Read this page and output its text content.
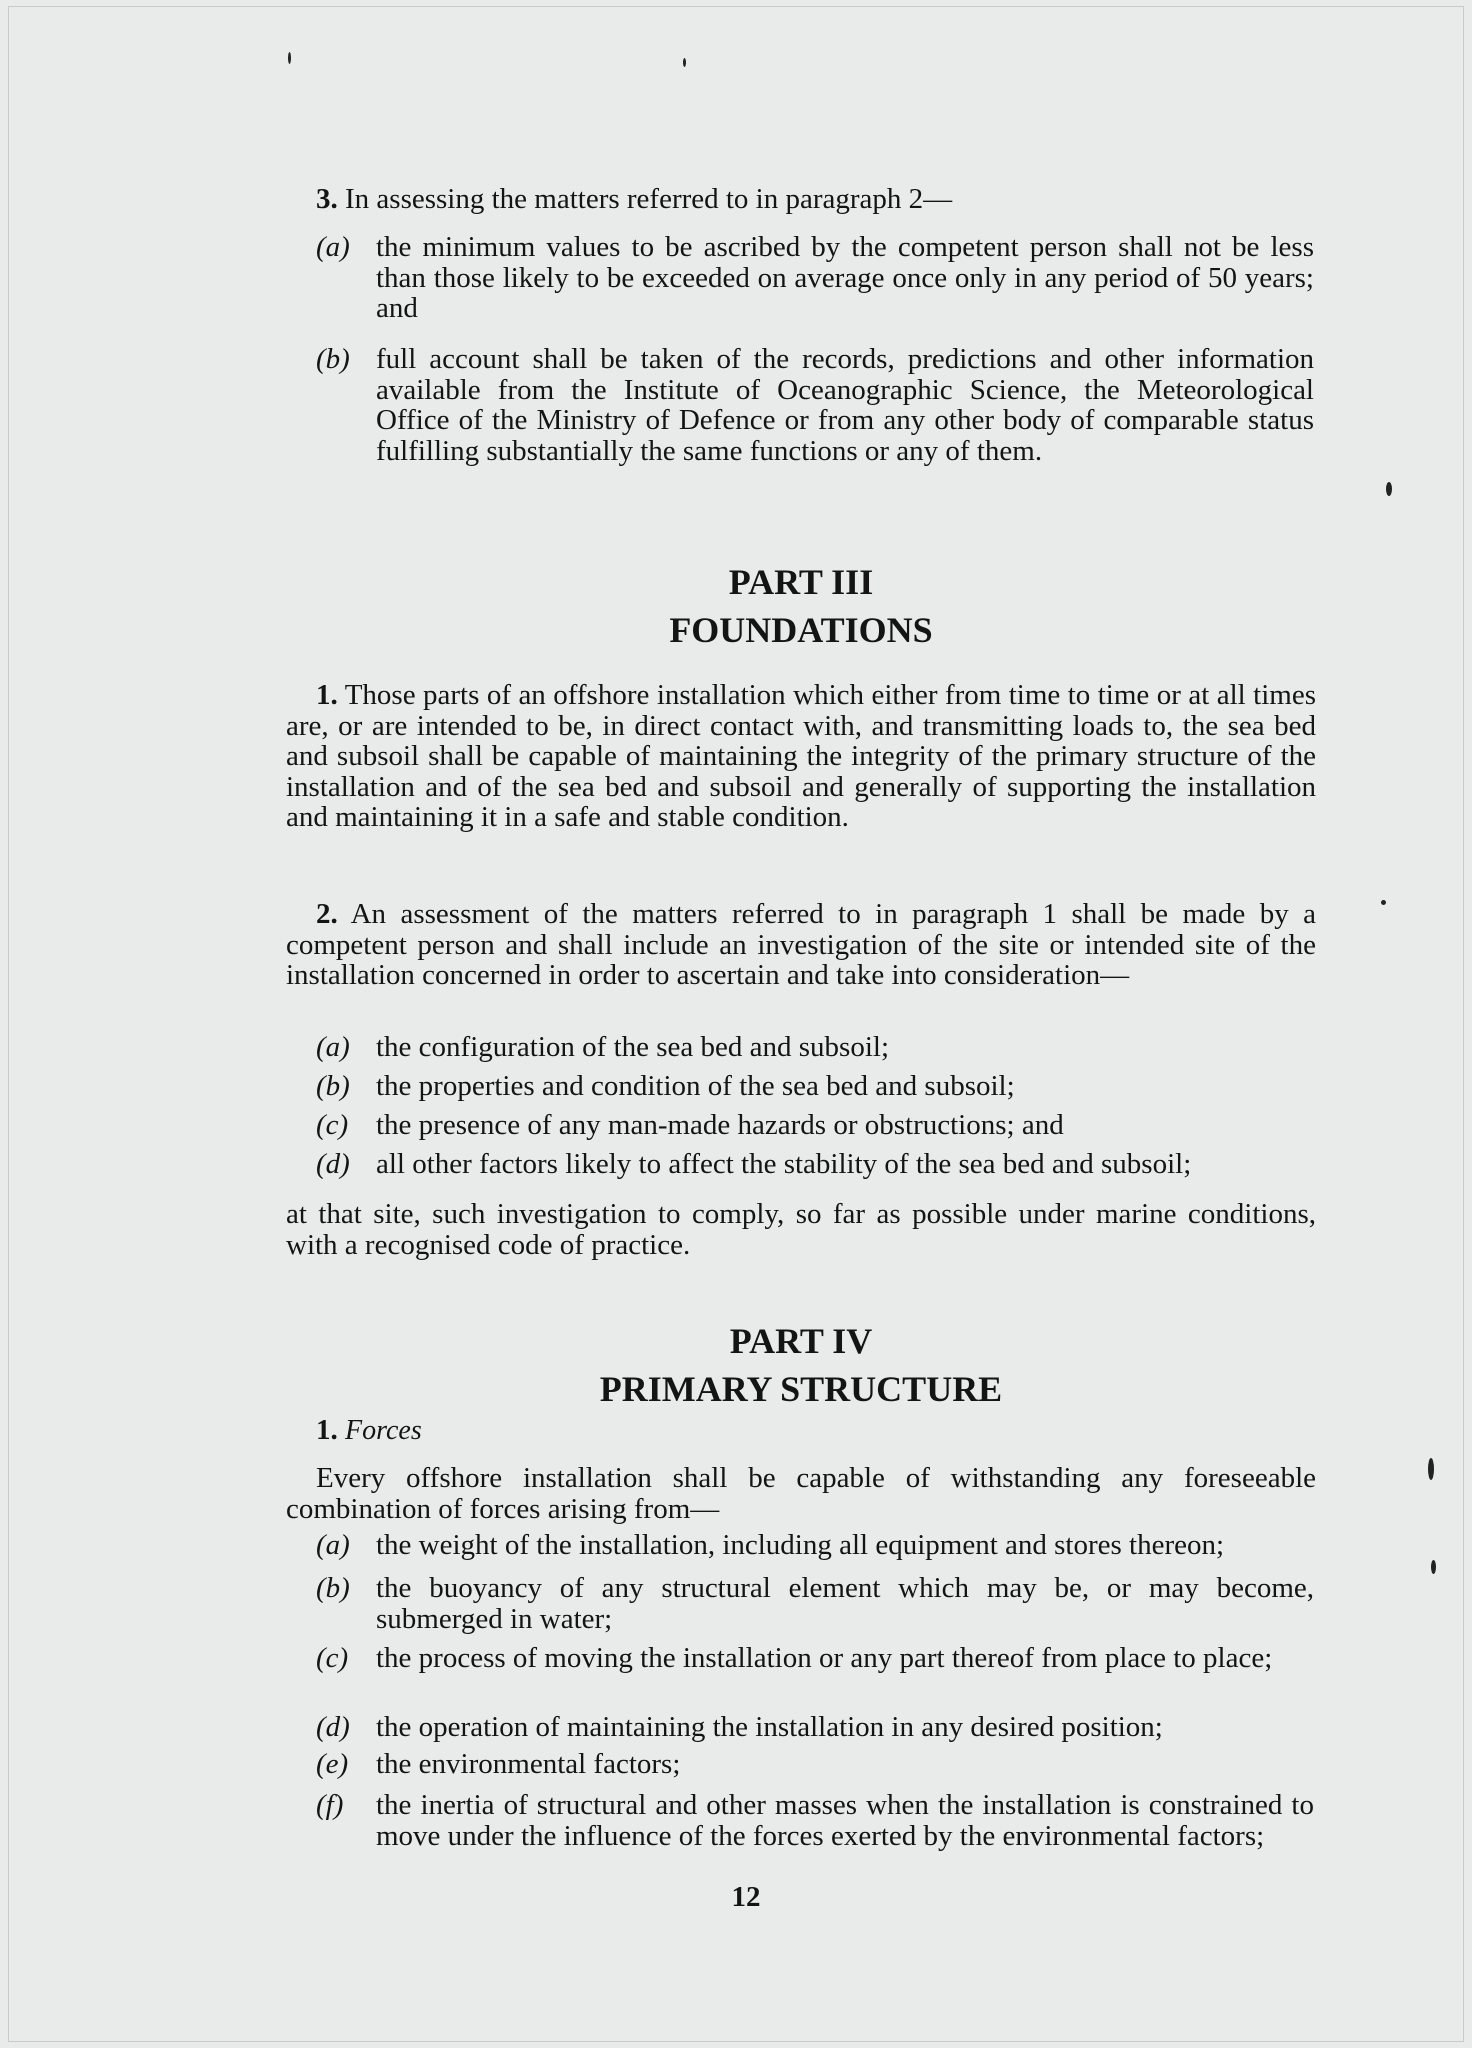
3. In assessing the matters referred to in paragraph 2—

(a) the minimum values to be ascribed by the competent person shall not be less than those likely to be exceeded on average once only in any period of 50 years; and

(b) full account shall be taken of the records, predictions and other information available from the Institute of Oceanographic Science, the Meteorological Office of the Ministry of Defence or from any other body of comparable status fulfilling substantially the same functions or any of them.

PART III
FOUNDATIONS

1. Those parts of an offshore installation which either from time to time or at all times are, or are intended to be, in direct contact with, and transmitting loads to, the sea bed and subsoil shall be capable of maintaining the integrity of the primary structure of the installation and of the sea bed and subsoil and generally of supporting the installation and maintaining it in a safe and stable condition.

2. An assessment of the matters referred to in paragraph 1 shall be made by a competent person and shall include an investigation of the site or intended site of the installation concerned in order to ascertain and take into consideration—

(a) the configuration of the sea bed and subsoil;

(b) the properties and condition of the sea bed and subsoil;

(c) the presence of any man-made hazards or obstructions; and

(d) all other factors likely to affect the stability of the sea bed and subsoil;

at that site, such investigation to comply, so far as possible under marine conditions, with a recognised code of practice.

PART IV
PRIMARY STRUCTURE

1. Forces

Every offshore installation shall be capable of withstanding any foreseeable combination of forces arising from—

(a) the weight of the installation, including all equipment and stores thereon;

(b) the buoyancy of any structural element which may be, or may become, submerged in water;

(c) the process of moving the installation or any part thereof from place to place;

(d) the operation of maintaining the installation in any desired position;

(e) the environmental factors;

(f) the inertia of structural and other masses when the installation is constrained to move under the influence of the forces exerted by the environmental factors;

12
